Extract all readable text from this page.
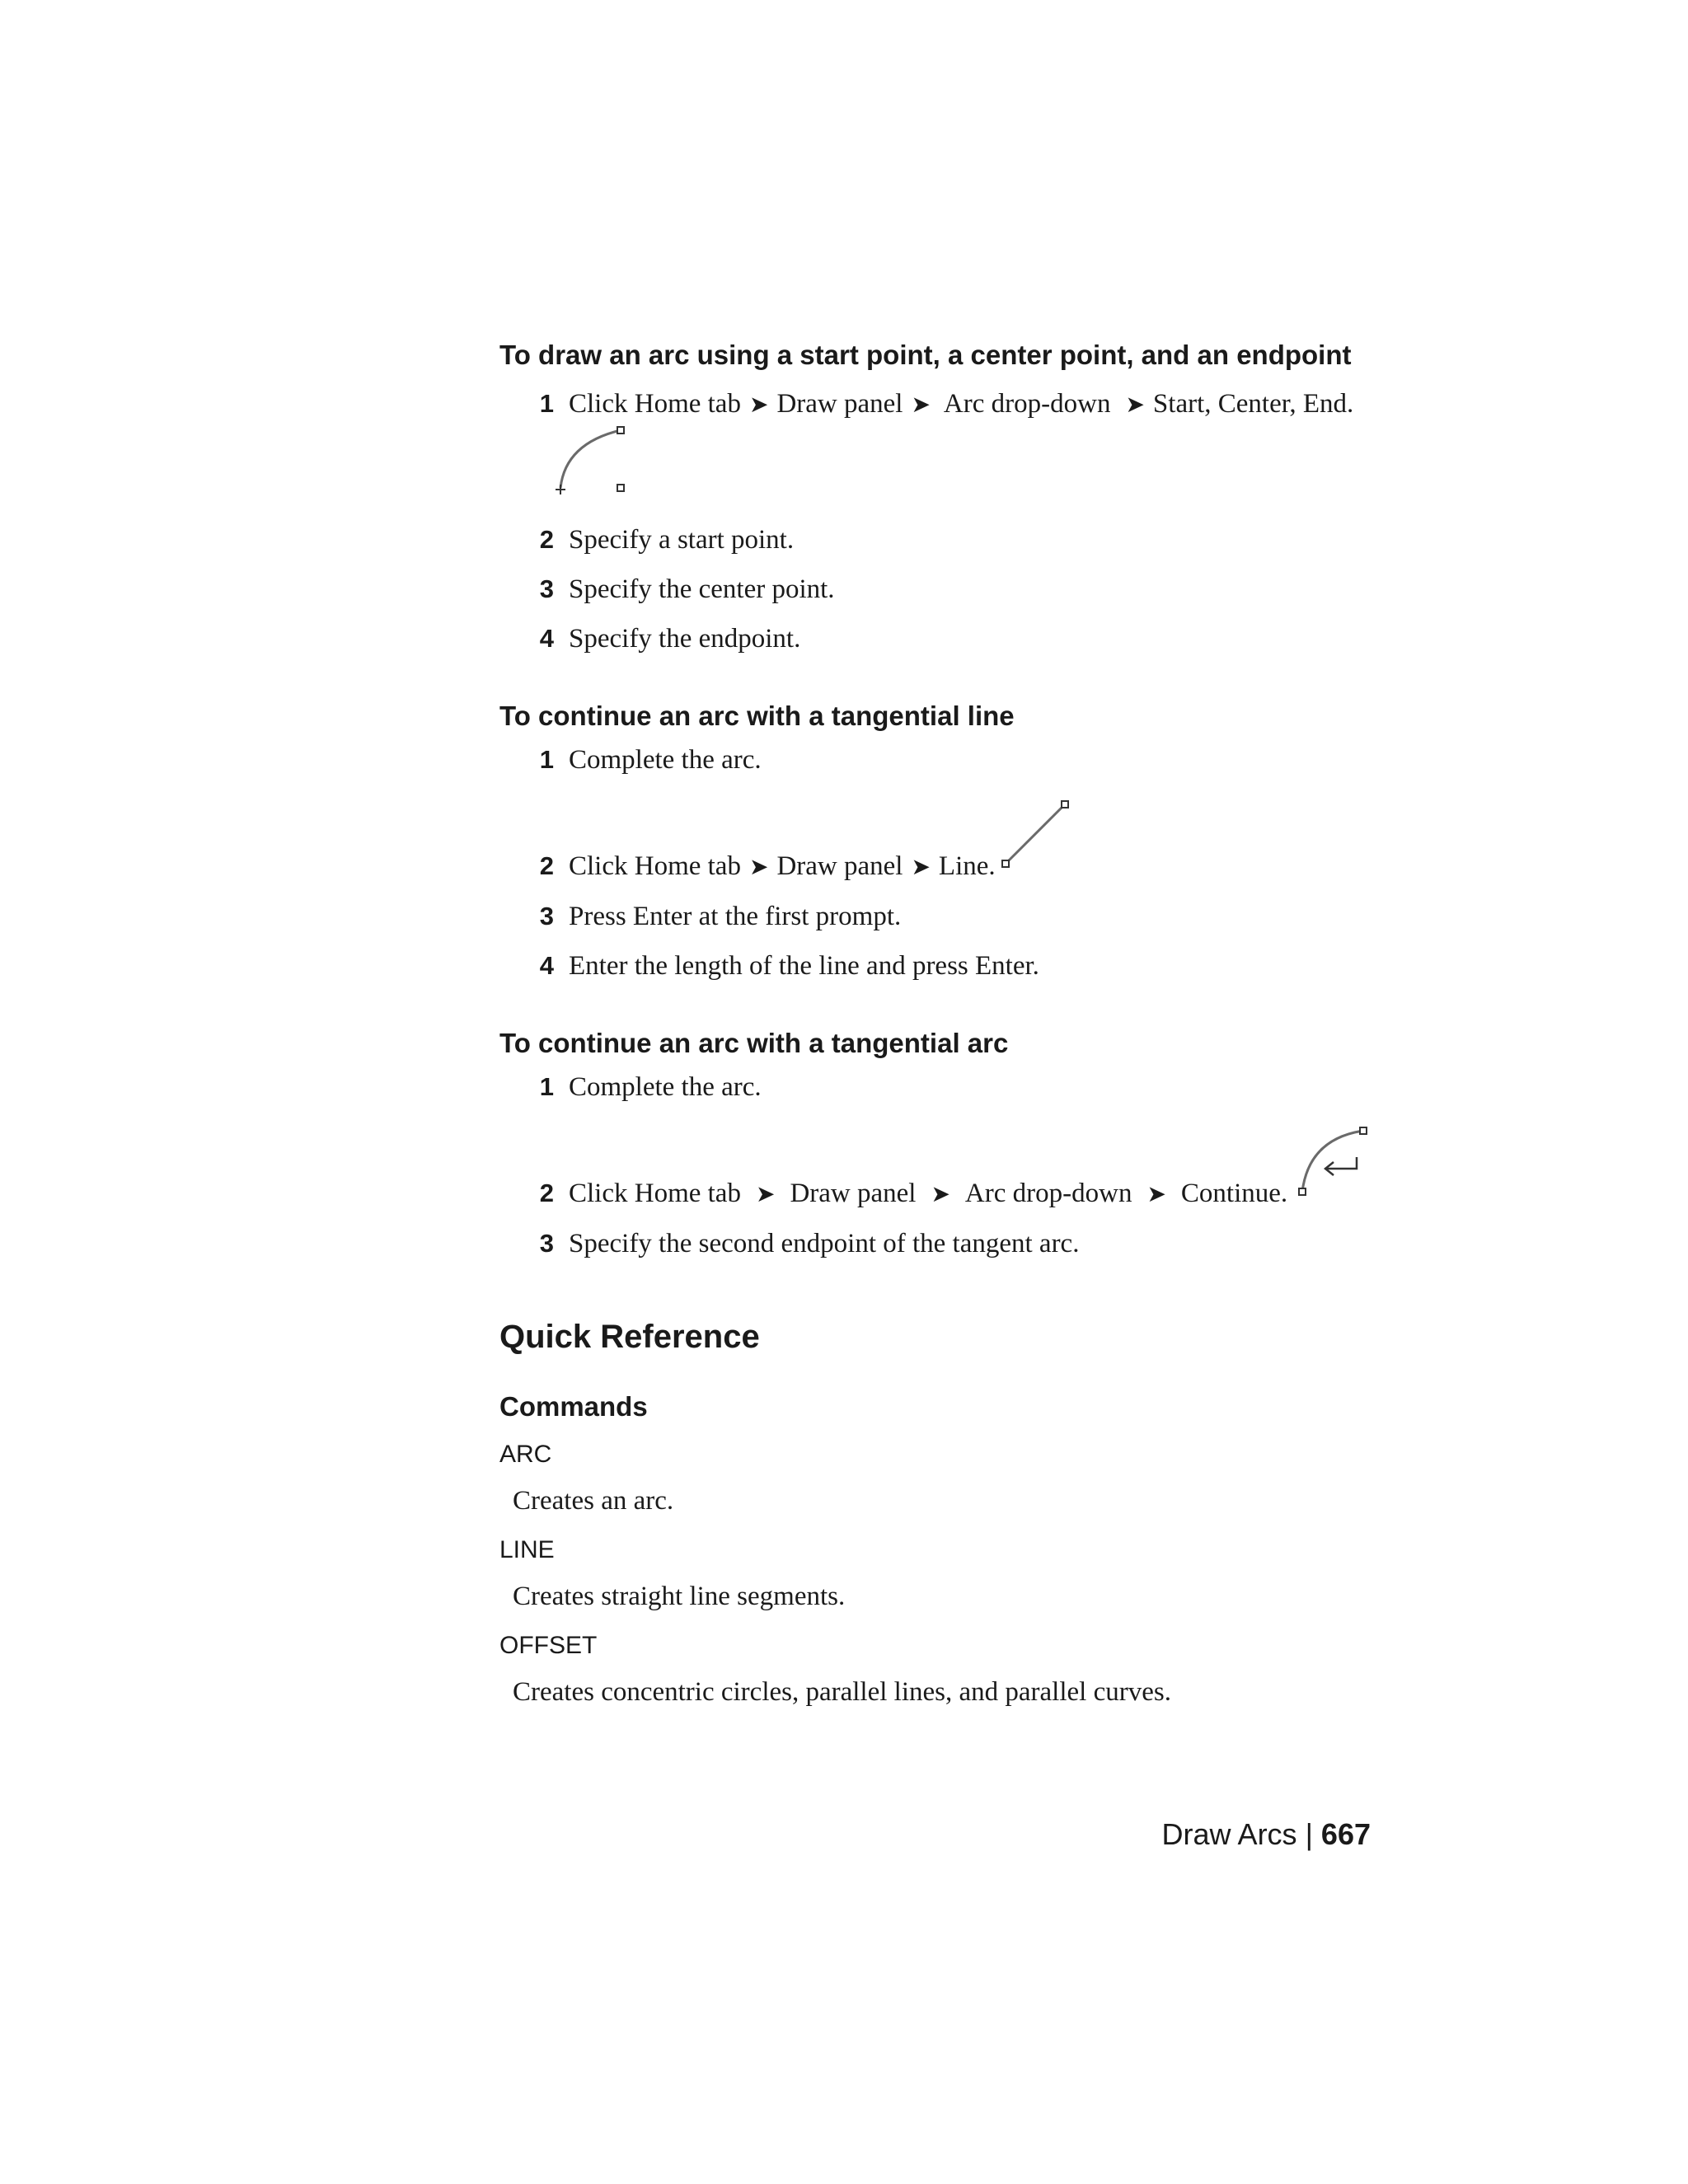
To draw an arc using a start point, a center point, and an endpoint
1 Click Home tab ➤ Draw panel ➤ Arc drop-down ➤ Start, Center, End.
2 Specify a start point.
3 Specify the center point.
4 Specify the endpoint.
To continue an arc with a tangential line
1 Complete the arc.
2 Click Home tab ➤ Draw panel ➤ Line.
3 Press Enter at the first prompt.
4 Enter the length of the line and press Enter.
To continue an arc with a tangential arc
1 Complete the arc.
2 Click Home tab ➤ Draw panel ➤ Arc drop-down ➤ Continue.
3 Specify the second endpoint of the tangent arc.
Quick Reference
Commands
ARC
Creates an arc.
LINE
Creates straight line segments.
OFFSET
Creates concentric circles, parallel lines, and parallel curves.
Draw Arcs | 667
